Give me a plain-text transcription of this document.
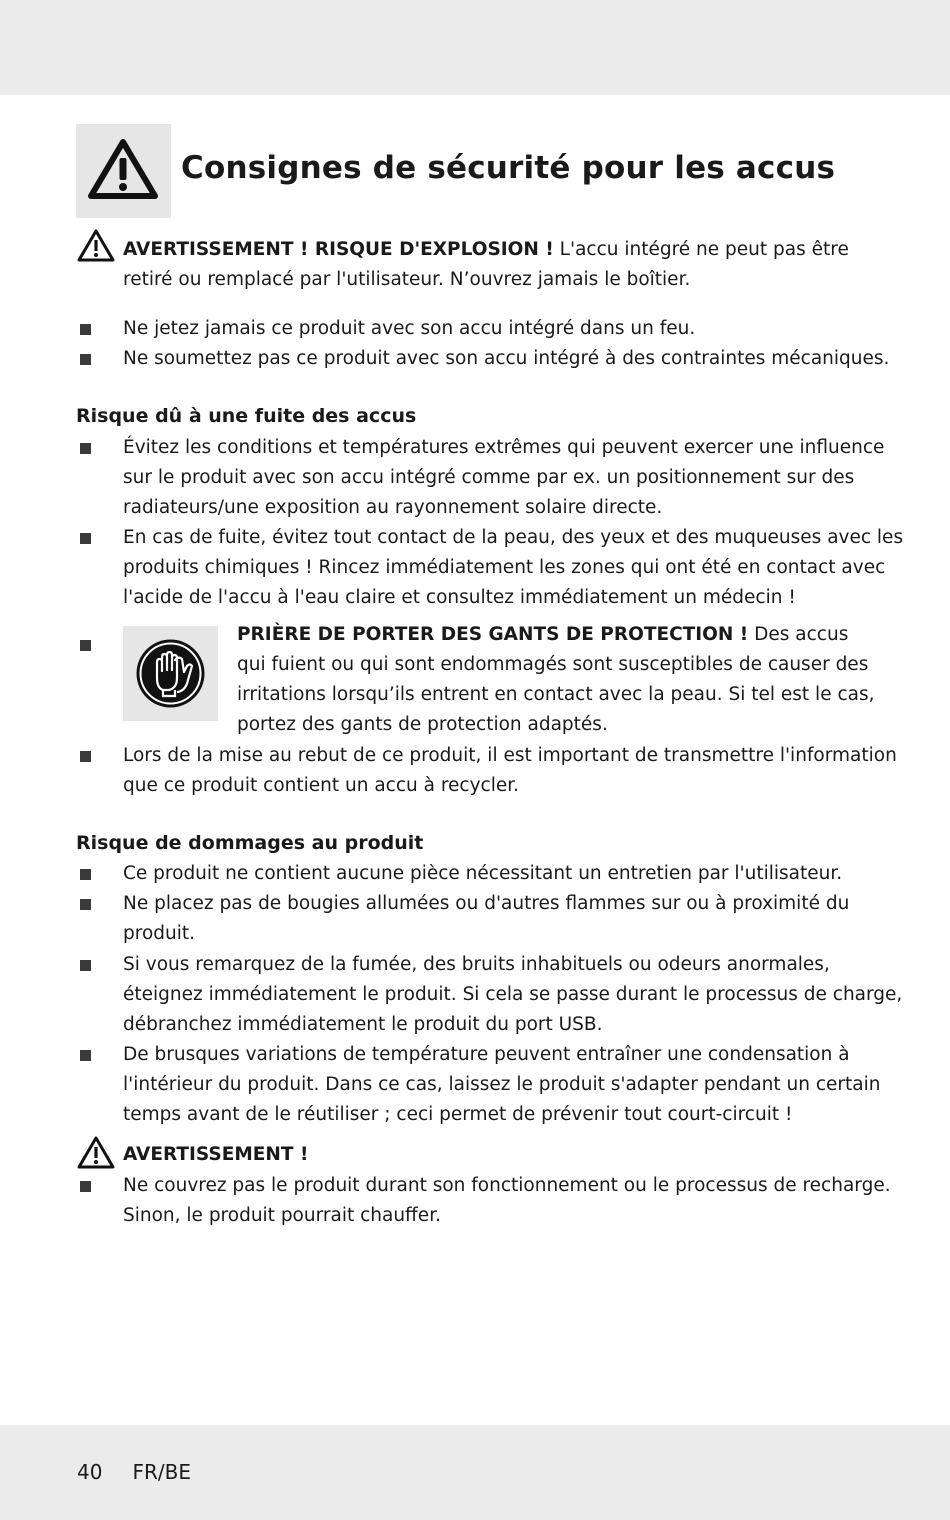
Consignes de sécurité pour les accus
AVERTISSEMENT ! RISQUE D'EXPLOSION ! L'accu intégré ne peut pas être
retiré ou remplacé par l'utilisateur. N’ouvrez jamais le boîtier.
Ne jetez jamais ce produit avec son accu intégré dans un feu.
Ne soumettez pas ce produit avec son accu intégré à des contraintes mécaniques.
Risque dû à une fuite des accus
Évitez les conditions et températures extrêmes qui peuvent exercer une influence
sur le produit avec son accu intégré comme par ex. un positionnement sur des
radiateurs/une exposition au rayonnement solaire directe.
En cas de fuite, évitez tout contact de la peau, des yeux et des muqueuses avec les
produits chimiques ! Rincez immédiatement les zones qui ont été en contact avec
l'acide de l'accu à l'eau claire et consultez immédiatement un médecin !
PRIÈRE DE PORTER DES GANTS DE PROTECTION ! Des accus
qui fuient ou qui sont endommagés sont susceptibles de causer des
irritations lorsqu’ils entrent en contact avec la peau. Si tel est le cas,
portez des gants de protection adaptés.
Lors de la mise au rebut de ce produit, il est important de transmettre l'information
que ce produit contient un accu à recycler.
Risque de dommages au produit
Ce produit ne contient aucune pièce nécessitant un entretien par l'utilisateur.
Ne placez pas de bougies allumées ou d'autres flammes sur ou à proximité du
produit.
Si vous remarquez de la fumée, des bruits inhabituels ou odeurs anormales,
éteignez immédiatement le produit. Si cela se passe durant le processus de charge,
débranchez immédiatement le produit du port USB.
De brusques variations de température peuvent entraîner une condensation à
l'intérieur du produit. Dans ce cas, laissez le produit s'adapter pendant un certain
temps avant de le réutiliser ; ceci permet de prévenir tout court-circuit !
AVERTISSEMENT !
Ne couvrez pas le produit durant son fonctionnement ou le processus de recharge.
Sinon, le produit pourrait chauffer.
40 FR/BE
